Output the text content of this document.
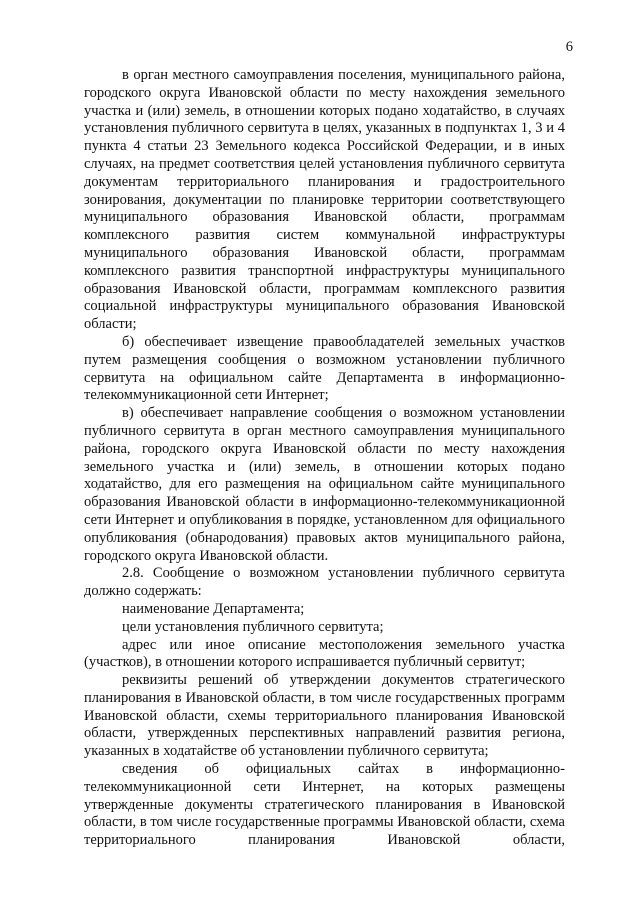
6

в орган местного самоуправления поселения, муниципального района, городского округа Ивановской области по месту нахождения земельного участка и (или) земель, в отношении которых подано ходатайство, в случаях установления публичного сервитута в целях, указанных в подпунктах 1, 3 и 4 пункта 4 статьи 23 Земельного кодекса Российской Федерации, и в иных случаях, на предмет соответствия целей установления публичного сервитута документам территориального планирования и градостроительного зонирования, документации по планировке территории соответствующего муниципального образования Ивановской области, программам комплексного развития систем коммунальной инфраструктуры муниципального образования Ивановской области, программам комплексного развития транспортной инфраструктуры муниципального образования Ивановской области, программам комплексного развития социальной инфраструктуры муниципального образования Ивановской области;

б) обеспечивает извещение правообладателей земельных участков путем размещения сообщения о возможном установлении публичного сервитута на официальном сайте Департамента в информационно-телекоммуникационной сети Интернет;

в) обеспечивает направление сообщения о возможном установлении публичного сервитута в орган местного самоуправления муниципального района, городского округа Ивановской области по месту нахождения земельного участка и (или) земель, в отношении которых подано ходатайство, для его размещения на официальном сайте муниципального образования Ивановской области в информационно-телекоммуникационной сети Интернет и опубликования в порядке, установленном для официального опубликования (обнародования) правовых актов муниципального района, городского округа Ивановской области.

2.8. Сообщение о возможном установлении публичного сервитута должно содержать:

наименование Департамента;

цели установления публичного сервитута;

адрес или иное описание местоположения земельного участка (участков), в отношении которого испрашивается публичный сервитут;

реквизиты решений об утверждении документов стратегического планирования в Ивановской области, в том числе государственных программ Ивановской области, схемы территориального планирования Ивановской области, утвержденных перспективных направлений развития региона, указанных в ходатайстве об установлении публичного сервитута;

сведения об официальных сайтах в информационно-телекоммуникационной сети Интернет, на которых размещены утвержденные документы стратегического планирования в Ивановской области, в том числе государственные программы Ивановской области, схема территориального планирования Ивановской области,
